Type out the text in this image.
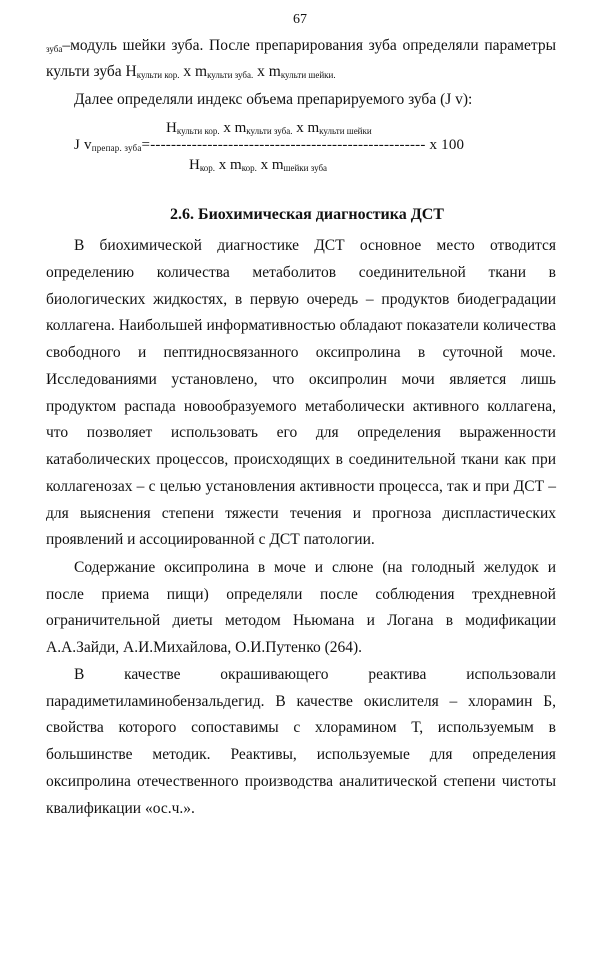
67
$_{зуба}$–модуль шейки зуба. После препарирования зуба определяли параметры
культи зуба $Н_{культи кор.}$ х $m_{культи зуба.}$ х $m_{культи шейки.}$
Далее определяли индекс объема препарируемого зуба (J v):
$Н_{культи кор.}$ х $m_{культи зуба.}$ х $m_{культи шейки}$
J $v_{препар. зуба}=-----------------------------------------------------$ х 100
$Н_{кор.}$ х $m_{кор.}$ х $m_{шейки зуба}$
2.6. Биохимическая диагностика ДСТ
В биохимической диагностике ДСТ основное место отводится
определению количества метаболитов соединительной ткани в
биологических жидкостях, в первую очередь – продуктов биодеградации
коллагена. Наибольшей информативностью обладают показатели количества
свободного и пептидносвязанного оксипролина в суточной моче.
Исследованиями установлено, что оксипролин мочи является лишь
продуктом распада новообразуемого метаболически активного коллагена,
что позволяет использовать его для определения выраженности
катаболических процессов, происходящих в соединительной ткани как при
коллагенозах – с целью установления активности процесса, так и при ДСТ –
для выяснения степени тяжести течения и прогноза диспластических
проявлений и ассоциированной с ДСТ патологии.
Содержание оксипролина в моче и слюне (на голодный желудок и
после приема пищи) определяли после соблюдения трехдневной
ограничительной диеты методом Ньюмана и Логана в модификации
А.А.Зайди, А.И.Михайлова, О.И.Путенко (264).
В	качестве	окрашивающего	реактива	использовали
парадиметиламинобензальдегид. В качестве окислителя – хлорамин Б,
свойства которого сопоставимы с хлорамином Т, используемым в
большинстве методик. Реактивы, используемые для определения
оксипролина отечественного производства аналитической степени чистоты
квалификации «ос.ч.».
